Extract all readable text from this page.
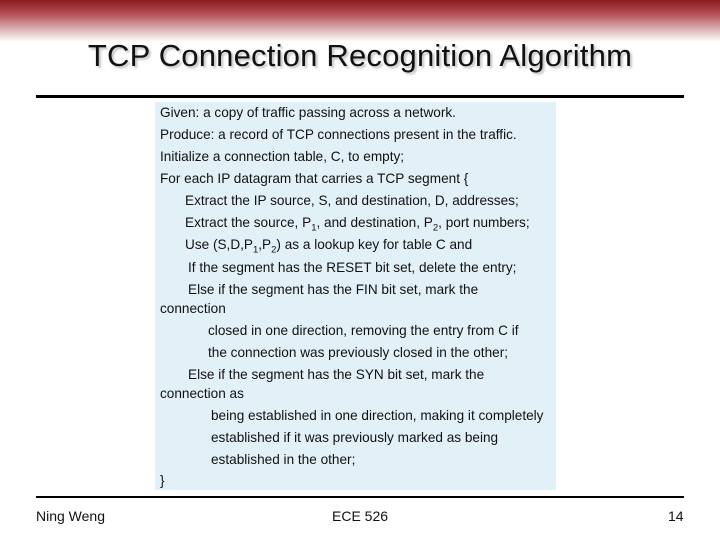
TCP Connection Recognition Algorithm
Given: a copy of traffic passing across a network.
Produce: a record of TCP connections present in the traffic.
Initialize a connection table, C, to empty;
For each IP datagram that carries a TCP segment {
Extract the IP source, S, and destination, D, addresses;
Extract the source, $P_1$, and destination, $P_2$, port numbers;
Use $(S,D,P_1,P_2)$ as a lookup key for table C and
If the segment has the RESET bit set, delete the entry;
Else if the segment has the FIN bit set, mark the
connection
closed in one direction, removing the entry from C if
the connection was previously closed in the other;
Else if the segment has the SYN bit set, mark the
connection as
being established in one direction, making it completely
established if it was previously marked as being
established in the other;
}
Ning Weng	ECE 526	14
